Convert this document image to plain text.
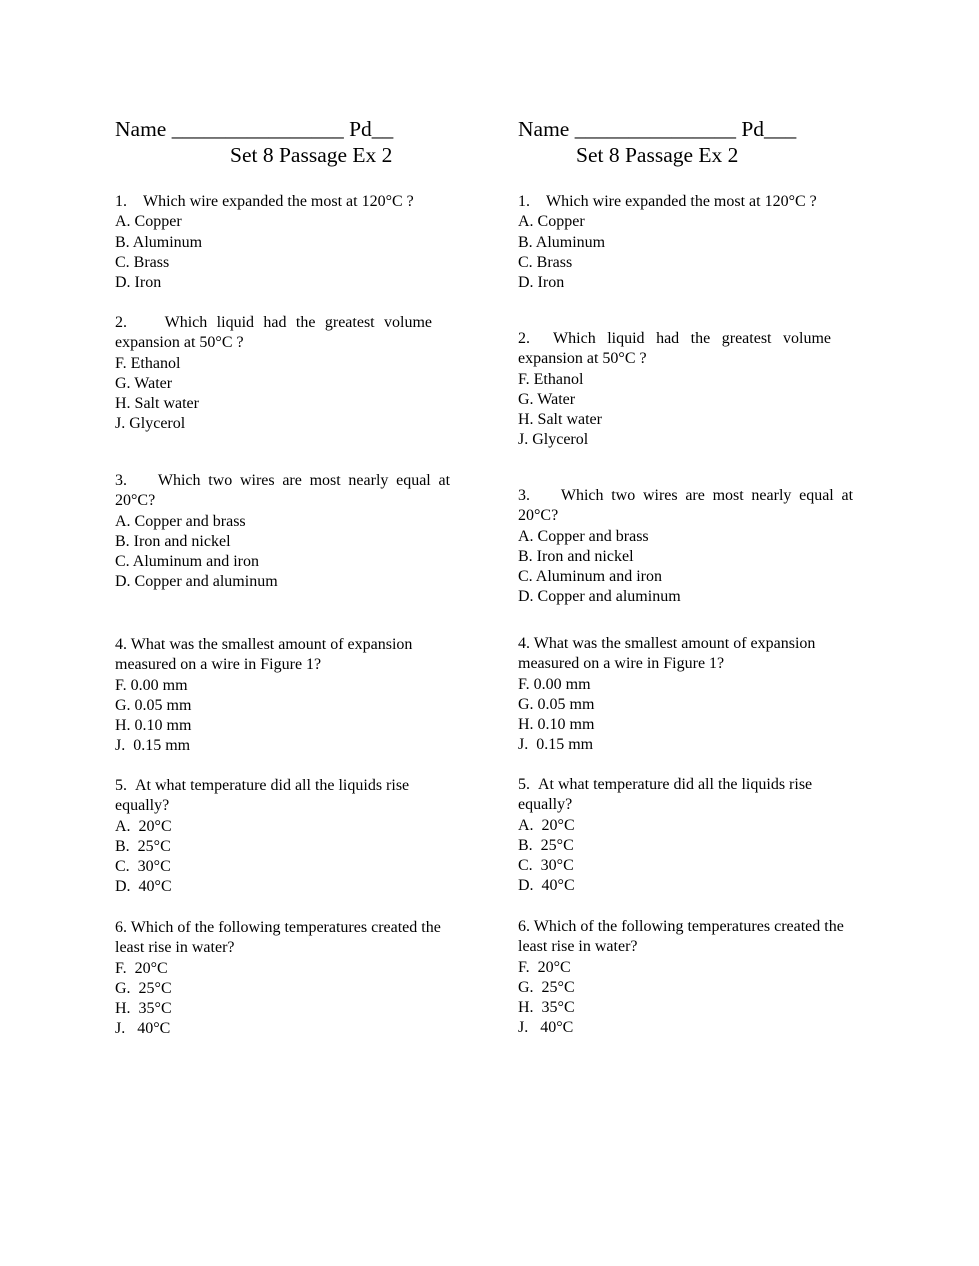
Name ________________ Pd__
Set 8 Passage Ex 2
1. Which wire expanded the most at 120°C ?
A. Copper
B. Aluminum
C. Brass
D. Iron
2. Which liquid had the greatest volume expansion at 50°C ?
F. Ethanol
G. Water
H. Salt water
J. Glycerol
3. Which two wires are most nearly equal at 20°C?
A. Copper and brass
B. Iron and nickel
C. Aluminum and iron
D. Copper and aluminum
4. What was the smallest amount of expansion measured on a wire in Figure 1?
F. 0.00 mm
G. 0.05 mm
H. 0.10 mm
J.  0.15 mm
5. At what temperature did all the liquids rise equally?
A.  20°C
B.  25°C
C.  30°C
D.  40°C
6. Which of the following temperatures created the least rise in water?
F.  20°C
G.  25°C
H.  35°C
J.   40°C
Name _______________ Pd___
Set 8 Passage Ex 2
1. Which wire expanded the most at 120°C ?
A. Copper
B. Aluminum
C. Brass
D. Iron
2. Which liquid had the greatest volume expansion at 50°C ?
F. Ethanol
G. Water
H. Salt water
J. Glycerol
3. Which two wires are most nearly equal at 20°C?
A. Copper and brass
B. Iron and nickel
C. Aluminum and iron
D. Copper and aluminum
4. What was the smallest amount of expansion measured on a wire in Figure 1?
F. 0.00 mm
G. 0.05 mm
H. 0.10 mm
J.  0.15 mm
5. At what temperature did all the liquids rise equally?
A.  20°C
B.  25°C
C.  30°C
D.  40°C
6. Which of the following temperatures created the least rise in water?
F.  20°C
G.  25°C
H.  35°C
J.   40°C
